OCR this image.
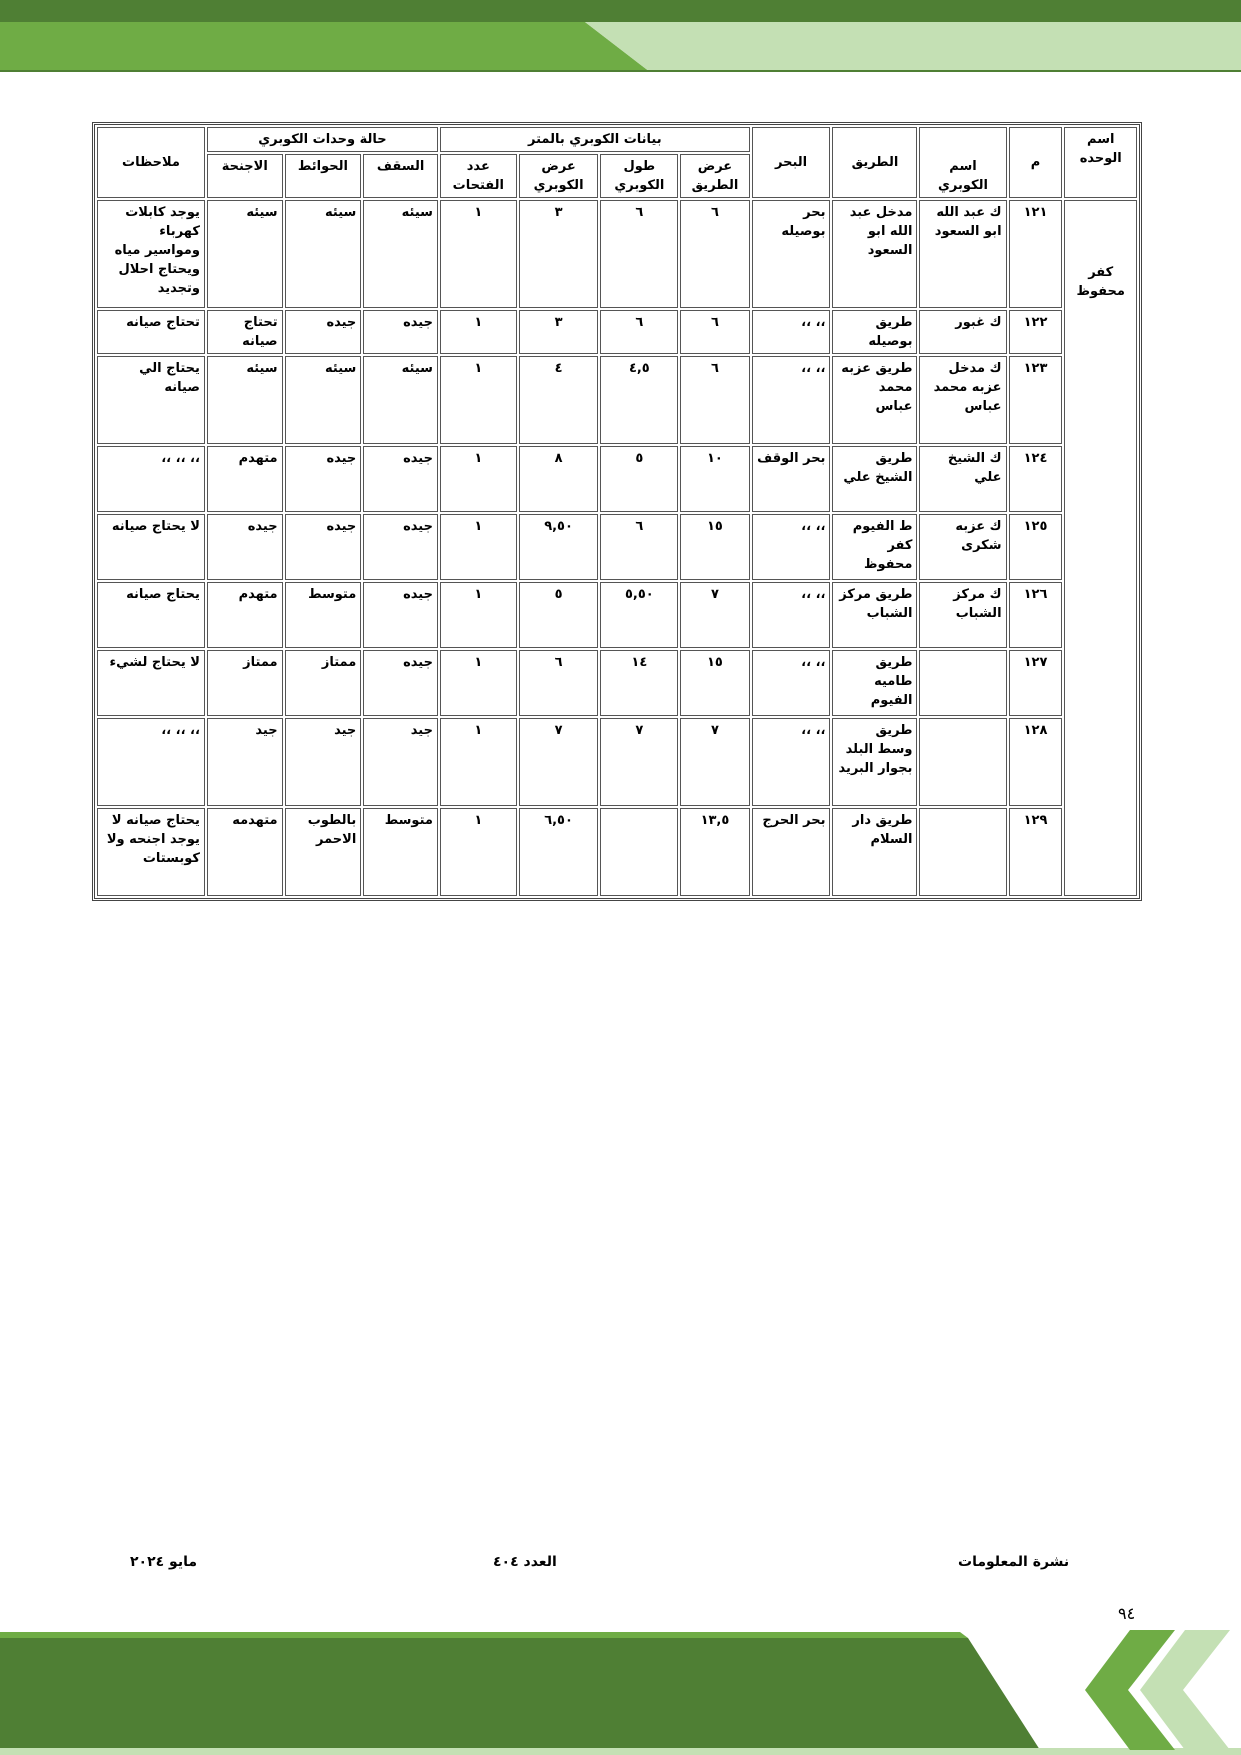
اسم الوحده	م	اسم الكوبري	الطريق	البحر	بيانات الكوبري بالمتر				حالة وحدات الكوبري			ملاحظات
					عرض الطريق	طول الكوبري	عرض الكوبري	عدد الفتحات	السقف	الحوائط	الاجنحة	
كفر محفوظ	١٢١	ك عبد الله ابو السعود	مدخل عبد الله ابو السعود	بحر بوصيله	٦	٦	٣	١	سيئه	سيئه	سيئه	يوجد كابلات كهرباء ومواسير مياه ويحتاج احلال وتجديد
	١٢٢	ك غبور	طريق بوصيله	،، ،،	٦	٦	٣	١	جيده	جيده	تحتاج صيانه	تحتاج صيانه
	١٢٣	ك مدخل عزبه محمد عباس	طريق عزبه محمد عباس	،، ،،	٦	٤,٥	٤	١	سيئه	سيئه	سيئه	يحتاج الي صيانه
	١٢٤	ك الشيخ علي	طريق الشيخ علي	بحر الوقف	١٠	٥	٨	١	جيده	جيده	متهدم	،، ،، ،،
	١٢٥	ك عزبه شكرى	ط الفيوم كفر محفوظ	،، ،،	١٥	٦	٩,٥٠	١	جيده	جيده	جيده	لا يحتاج صيانه
	١٢٦	ك مركز الشباب	طريق مركز الشباب	،، ،،	٧	٥,٥٠	٥	١	جيده	متوسط	متهدم	يحتاج صيانه
	١٢٧		طريق طاميه الفيوم	،، ،،	١٥	١٤	٦	١	جيده	ممتاز	ممتاز	لا يحتاج لشيء
	١٢٨		طريق وسط البلد بجوار البريد	،، ،،	٧	٧	٧	١	جيد	جيد	جيد	،، ،، ،،
	١٢٩		طريق دار السلام	بحر الحرج	١٣,٥		٦,٥٠	١	متوسط	بالطوب الاحمر	متهدمه	يحتاج صيانه لا يوجد اجنحه ولا كوبستات
نشرة المعلومات
العدد ٤٠٤
مايو ٢٠٢٤
٩٤
